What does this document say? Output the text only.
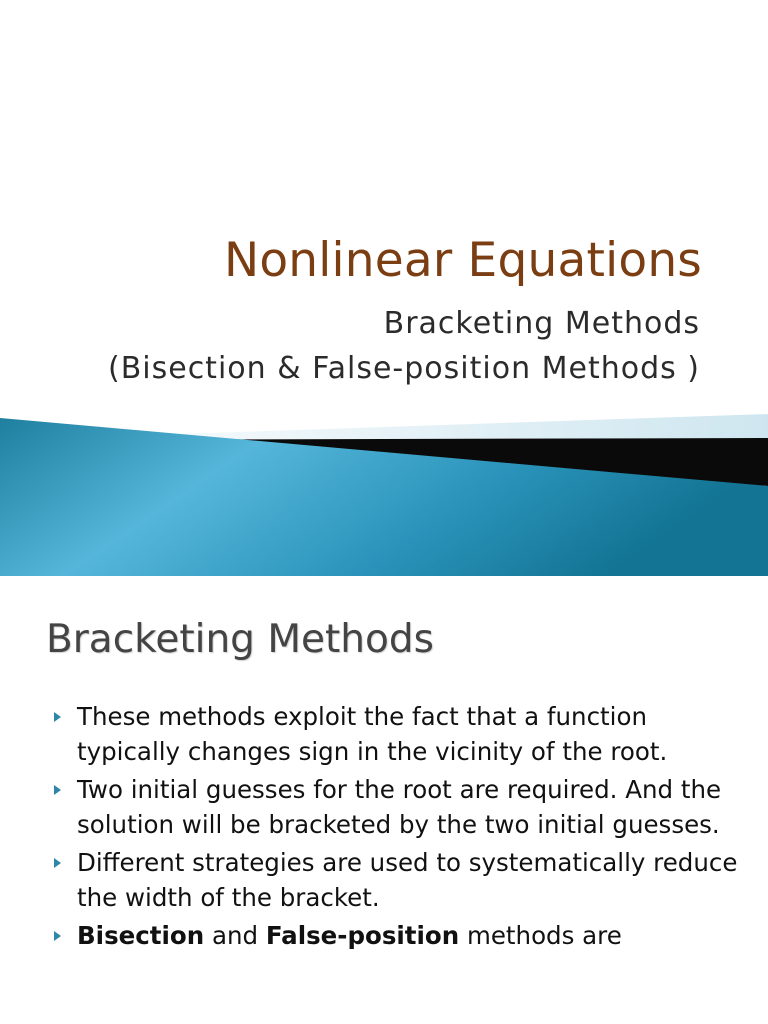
Nonlinear Equations
Bracketing Methods
(Bisection & False-position Methods )
Bracketing Methods
These methods exploit the fact that a function typically changes sign in the vicinity of the root.
Two initial guesses for the root are required. And the solution will be bracketed by the two initial guesses.
Different strategies are used to systematically reduce the width of the bracket.
Bisection and False-position methods are
